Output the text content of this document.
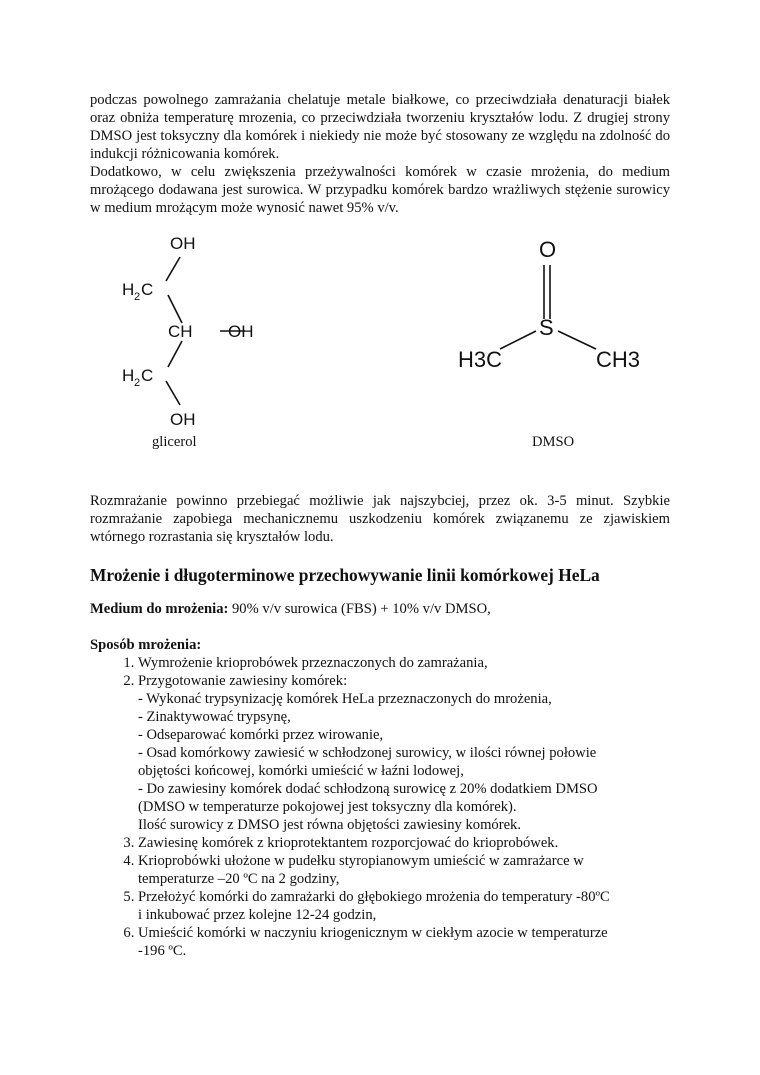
podczas powolnego zamrażania chelatuje metale białkowe, co przeciwdziała denaturacji białek oraz obniża temperaturę mrozenia, co przeciwdziała tworzeniu kryształów lodu. Z drugiej strony DMSO jest toksyczny dla komórek i niekiedy nie może być stosowany ze względu na zdolność do indukcji różnicowania komórek.

Dodatkowo, w celu zwiększenia przeżywalności komórek w czasie mrożenia, do medium mrożącego dodawana jest surowica. W przypadku komórek bardzo wrażliwych stężenie surowicy w medium mrożącym może wynosić nawet 95% v/v.

OH
H 2 C
CH OH
H 2 C
OH
O
S
H3C	CH3
glicerol	DMSO

Rozmrażanie powinno przebiegać możliwie jak najszybciej, przez ok. 3-5 minut. Szybkie rozmrażanie zapobiega mechanicznemu uszkodzeniu komórek związanemu ze zjawiskiem wtórnego rozrastania się kryształów lodu.

Mrożenie i długoterminowe przechowywanie linii komórkowej HeLa

Medium do mrożenia: 90% v/v surowica (FBS) + 10% v/v DMSO,

Sposób mrożenia:
1. Wymrożenie krioprobówek przeznaczonych do zamrażania,
2. Przygotowanie zawiesiny komórek:
- Wykonać trypsynizację komórek HeLa przeznaczonych do mrożenia,
- Zinaktywować trypsynę,
- Odseparować komórki przez wirowanie,
- Osad komórkowy zawiesić w schłodzonej surowicy, w ilości równej połowie
objętości końcowej, komórki umieścić w łaźni lodowej,
- Do zawiesiny komórek dodać schłodzoną surowicę z 20% dodatkiem DMSO
(DMSO w temperaturze pokojowej jest toksyczny dla komórek).
Ilość surowicy z DMSO jest równa objętości zawiesiny komórek.
3. Zawiesinę komórek z krioprotektantem rozporcjować do krioprobówek.
4. Krioprobówki ułożone w pudełku styropianowym umieścić w zamrażarce w
temperaturze –20 ºC na 2 godziny,
5. Przełożyć komórki do zamrażarki do głębokiego mrożenia do temperatury -80ºC
i inkubować przez kolejne 12-24 godzin,
6. Umieścić komórki w naczyniu kriogenicznym w ciekłym azocie w temperaturze
-196 ºC.
